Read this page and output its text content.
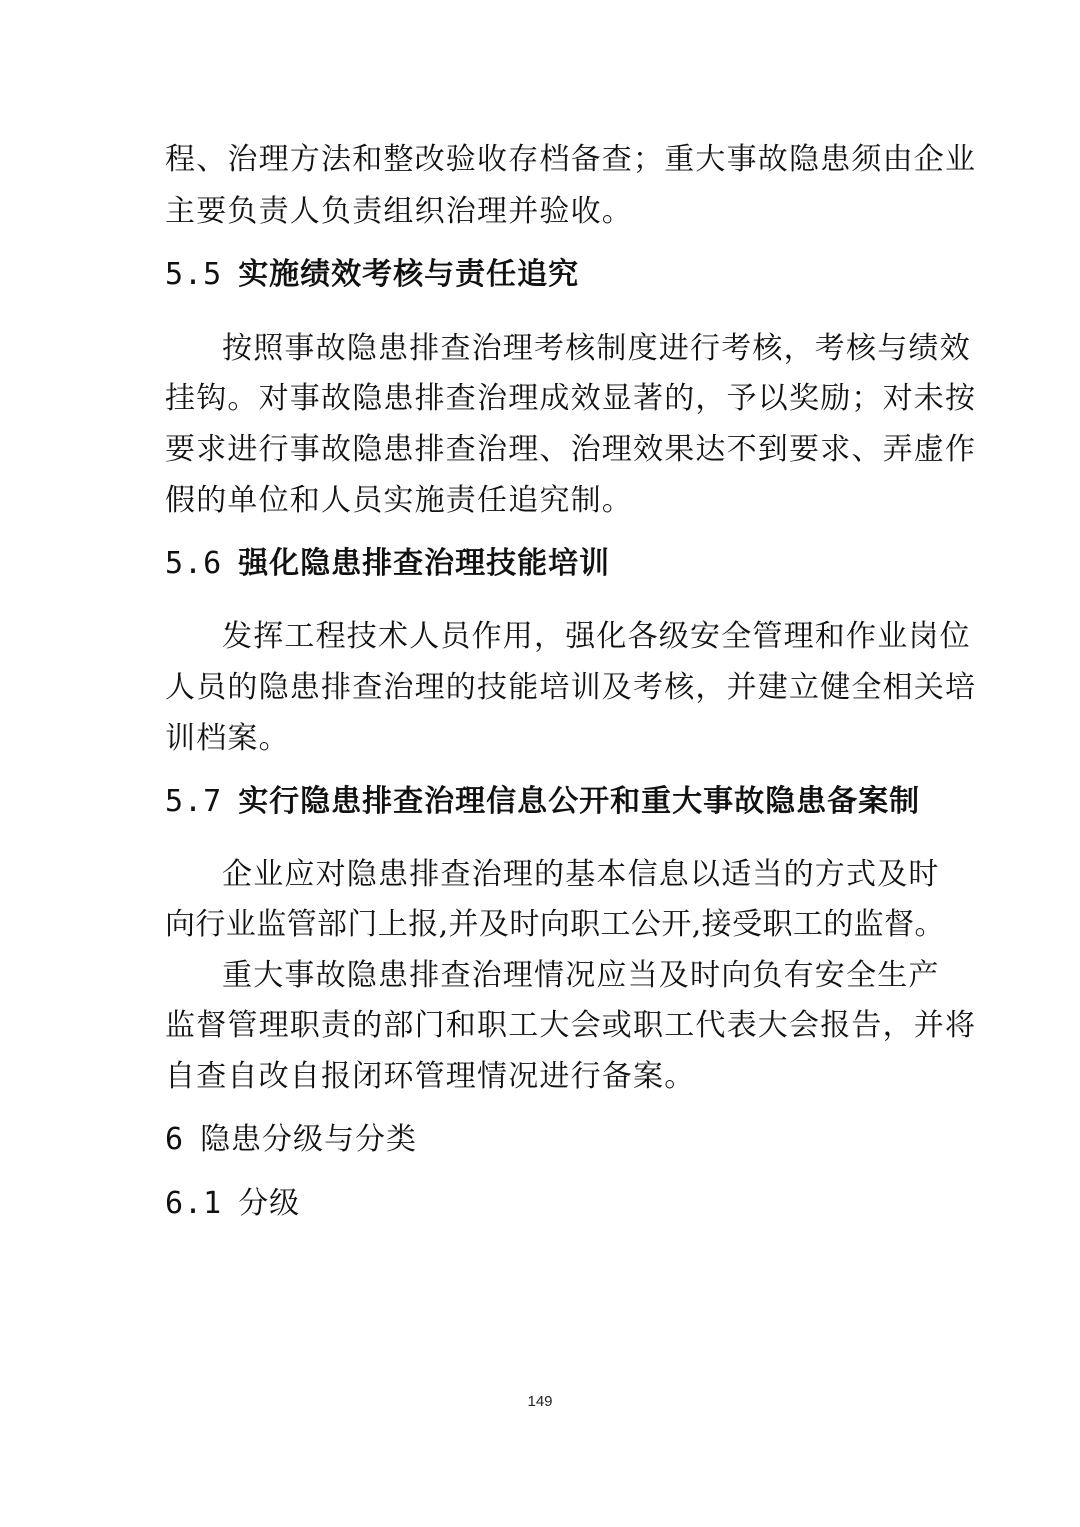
程、治理方法和整改验收存档备查；重大事故隐患须由企业
主要负责人负责组织治理并验收。
5.5 实施绩效考核与责任追究
按照事故隐患排查治理考核制度进行考核，考核与绩效
挂钩。对事故隐患排查治理成效显著的，予以奖励；对未按
要求进行事故隐患排查治理、治理效果达不到要求、弄虚作
假的单位和人员实施责任追究制。
5.6 强化隐患排查治理技能培训
发挥工程技术人员作用，强化各级安全管理和作业岗位
人员的隐患排查治理的技能培训及考核，并建立健全相关培
训档案。
5.7 实行隐患排查治理信息公开和重大事故隐患备案制
企业应对隐患排查治理的基本信息以适当的方式及时
向行业监管部门上报,并及时向职工公开,接受职工的监督。
重大事故隐患排查治理情况应当及时向负有安全生产
监督管理职责的部门和职工大会或职工代表大会报告，并将
自查自改自报闭环管理情况进行备案。
6 隐患分级与分类
6.1 分级
149
